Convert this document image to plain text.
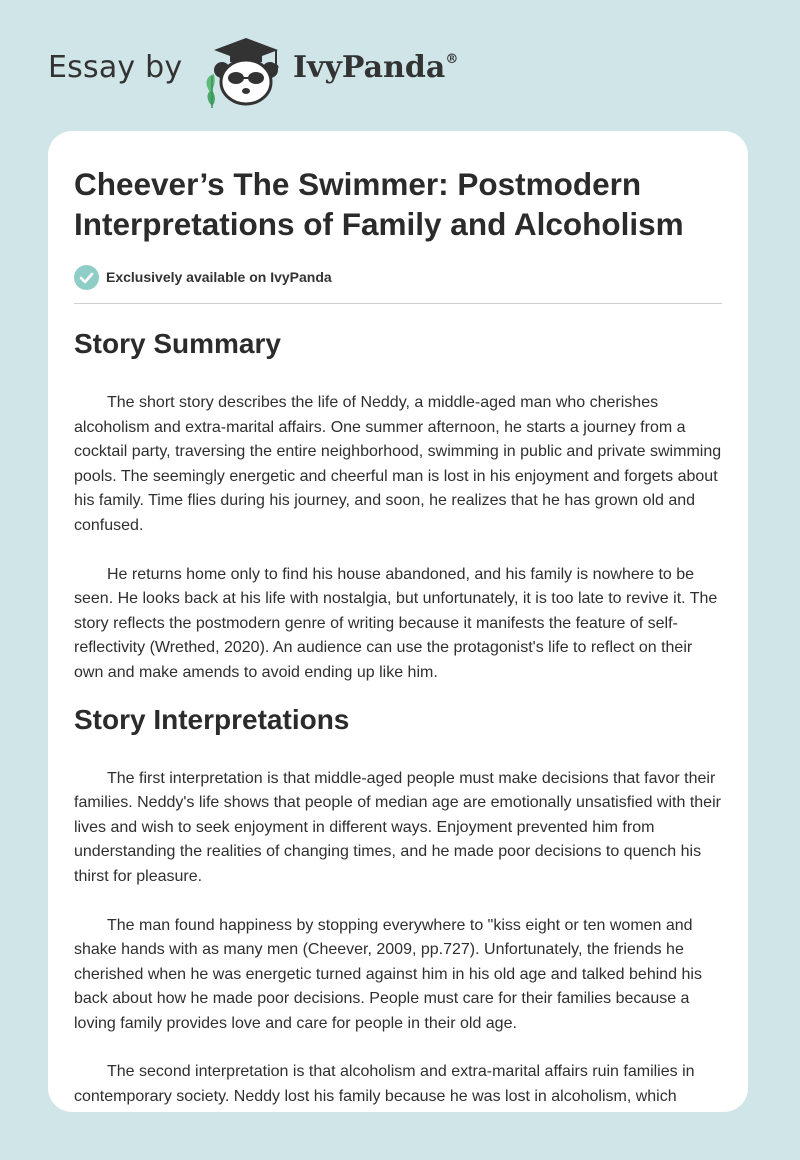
Essay by	IvyPanda®
Cheever’s The Swimmer: Postmodern Interpretations of Family and Alcoholism
Exclusively available on IvyPanda
Story Summary

The short story describes the life of Neddy, a middle-aged man who cherishes alcoholism and extra-marital affairs. One summer afternoon, he starts a journey from a cocktail party, traversing the entire neighborhood, swimming in public and private swimming pools. The seemingly energetic and cheerful man is lost in his enjoyment and forgets about his family. Time flies during his journey, and soon, he realizes that he has grown old and confused.

He returns home only to find his house abandoned, and his family is nowhere to be seen. He looks back at his life with nostalgia, but unfortunately, it is too late to revive it. The story reflects the postmodern genre of writing because it manifests the feature of self-reflectivity (Wrethed, 2020). An audience can use the protagonist's life to reflect on their own and make amends to avoid ending up like him.

Story Interpretations

The first interpretation is that middle-aged people must make decisions that favor their families. Neddy's life shows that people of median age are emotionally unsatisfied with their lives and wish to seek enjoyment in different ways. Enjoyment prevented him from understanding the realities of changing times, and he made poor decisions to quench his thirst for pleasure.

The man found happiness by stopping everywhere to "kiss eight or ten women and shake hands with as many men (Cheever, 2009, pp.727). Unfortunately, the friends he cherished when he was energetic turned against him in his old age and talked behind his back about how he made poor decisions. People must care for their families because a loving family provides love and care for people in their old age.

The second interpretation is that alcoholism and extra-marital affairs ruin families in contemporary society. Neddy lost his family because he was lost in alcoholism, which
